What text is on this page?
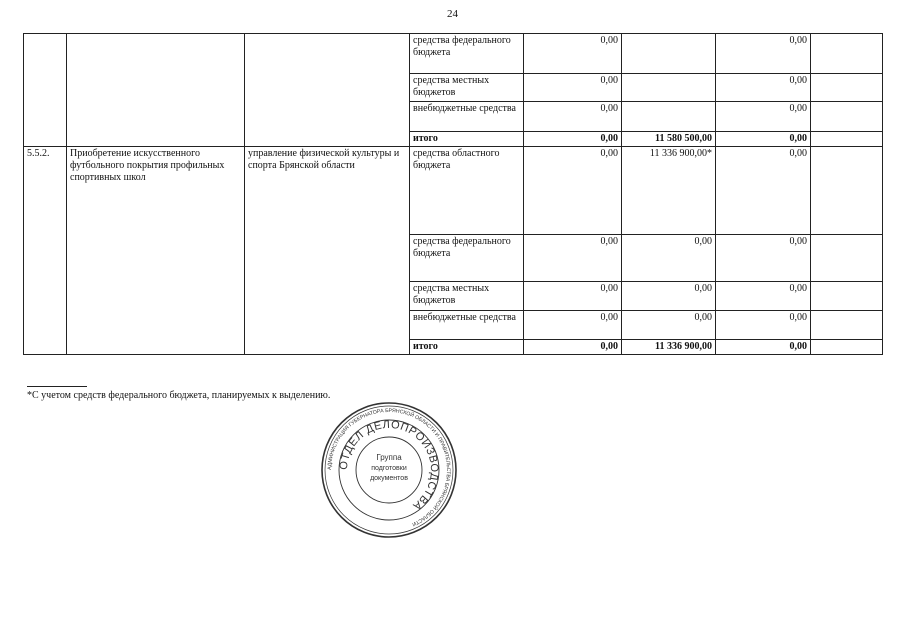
24
			средства федерального бюджета	0,00		0,00	
			средства местных бюджетов	0,00		0,00	
			внебюджетные средства	0,00		0,00	
			итого	0,00	11 580 500,00	0,00	
5.5.2.	Приобретение искусственного футбольного покрытия профильных спортивных школ	управление физической культуры и спорта Брянской области	средства областного бюджета	0,00	11 336 900,00*	0,00	
			средства федерального бюджета	0,00	0,00	0,00	
			средства местных бюджетов	0,00	0,00	0,00	
			внебюджетные средства	0,00	0,00	0,00	
			итого	0,00	11 336 900,00	0,00	
*С учетом средств федерального бюджета, планируемых к выделению.
АДМИНИСТРАЦИЯ ГУБЕРНАТОРА БРЯНСКОЙ ОБЛАСТИ И ПРАВИТЕЛЬСТВА БРЯНСКОЙ ОБЛАСТИ
ОТДЕЛ ДЕЛОПРОИЗВОДСТВА
Группа
подготовки
документов
